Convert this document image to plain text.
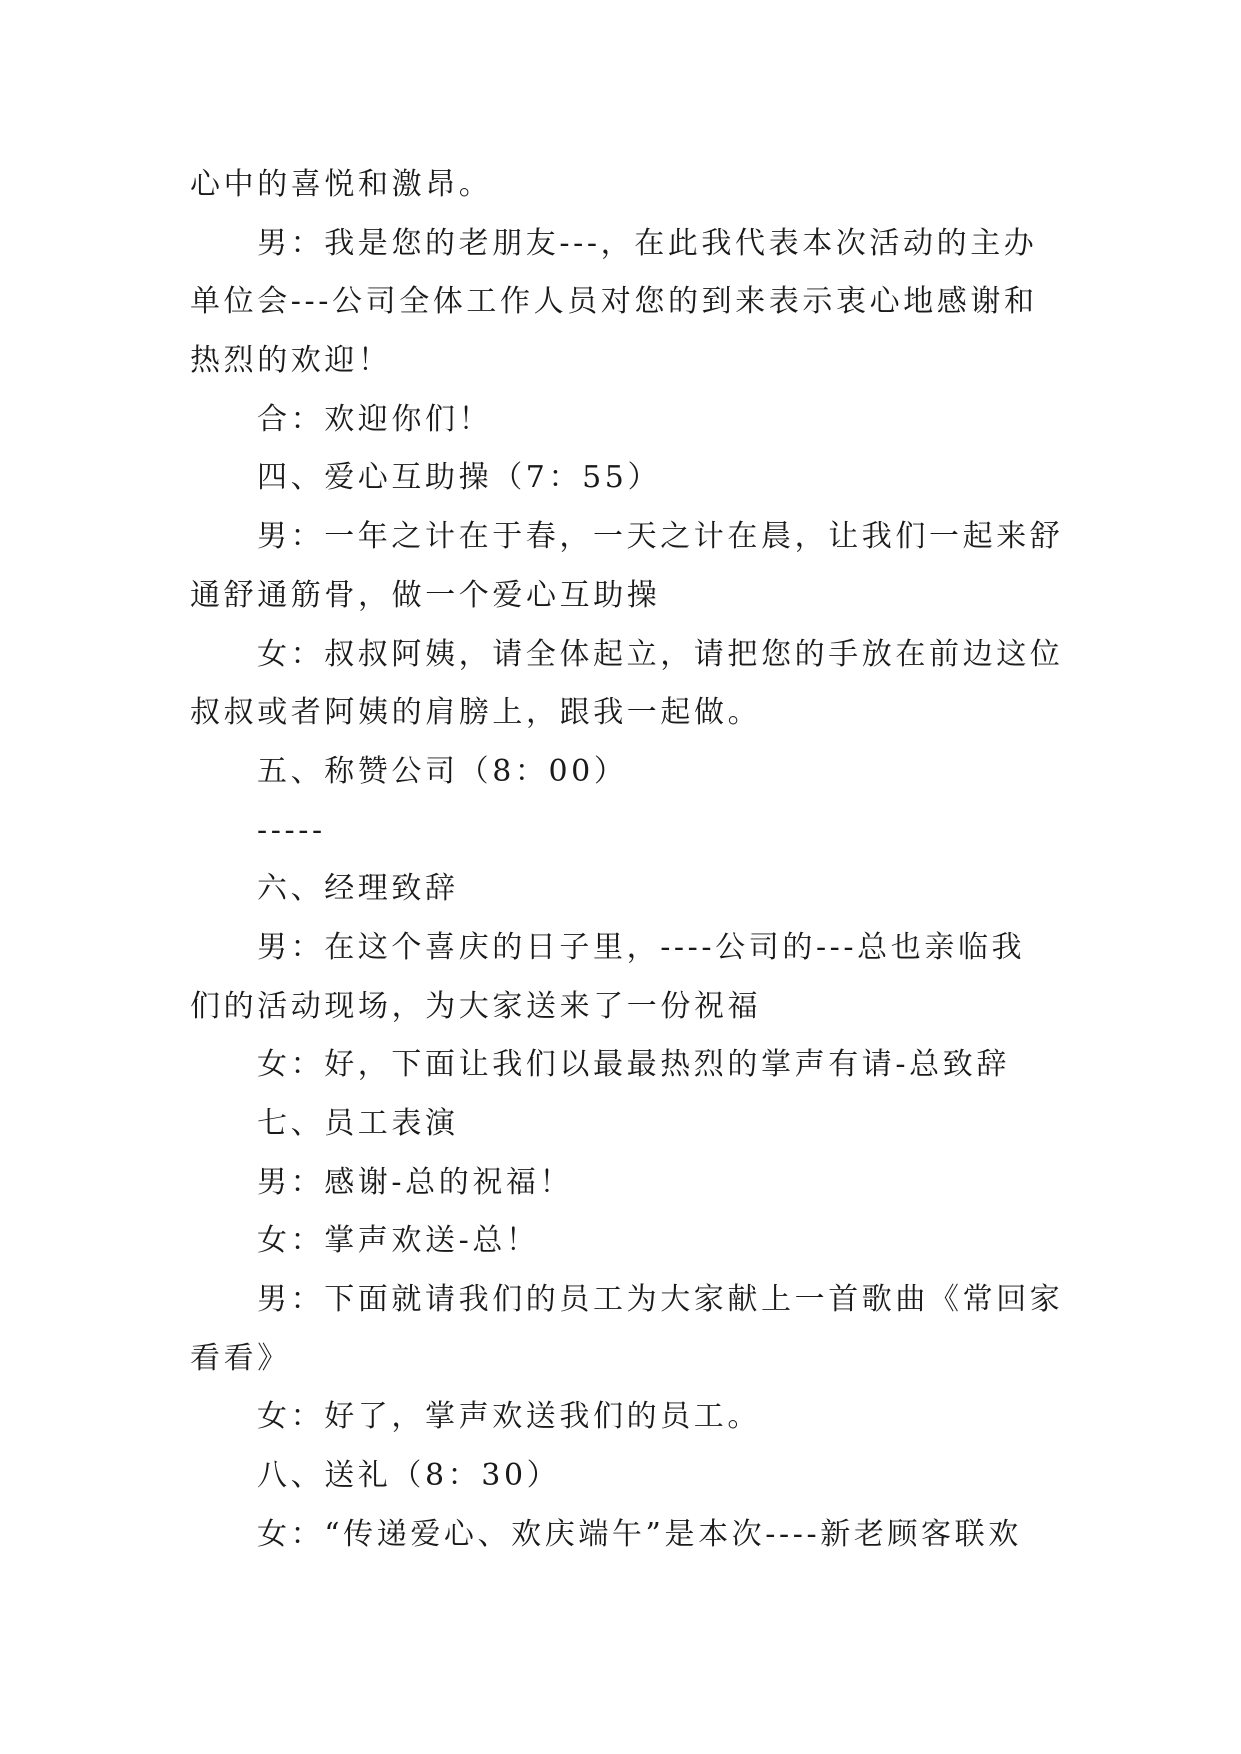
心中的喜悦和激昂。
男：我是您的老朋友---，在此我代表本次活动的主办
单位会---公司全体工作人员对您的到来表示衷心地感谢和
热烈的欢迎！
合：欢迎你们！
四、爱心互助操（7：55）
男：一年之计在于春，一天之计在晨，让我们一起来舒
通舒通筋骨，做一个爱心互助操
女：叔叔阿姨，请全体起立，请把您的手放在前边这位
叔叔或者阿姨的肩膀上，跟我一起做。
五、称赞公司（8：00）
-----
六、经理致辞
男：在这个喜庆的日子里，----公司的---总也亲临我
们的活动现场，为大家送来了一份祝福
女：好，下面让我们以最最热烈的掌声有请-总致辞
七、员工表演
男：感谢-总的祝福！
女：掌声欢送-总！
男：下面就请我们的员工为大家献上一首歌曲《常回家
看看》
女：好了，掌声欢送我们的员工。
八、送礼（8：30）
女：“传递爱心、欢庆端午”是本次----新老顾客联欢
